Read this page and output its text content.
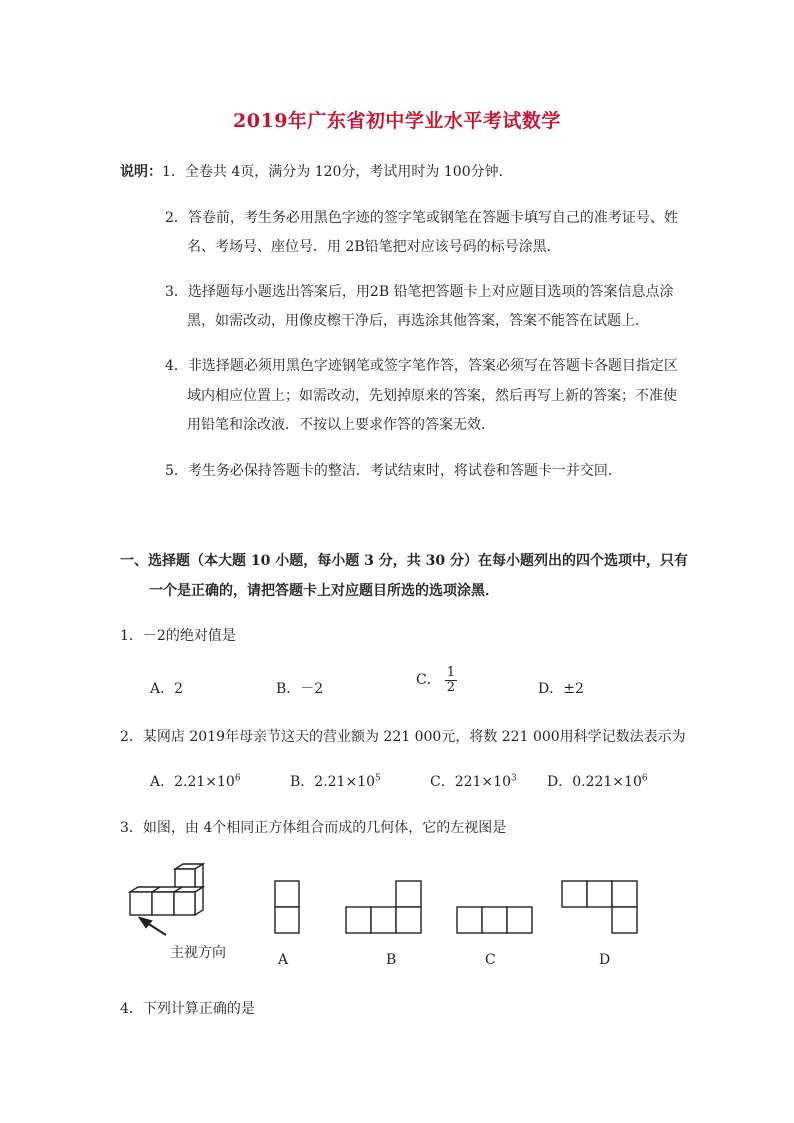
2019年广东省初中学业水平考试数学
说明：1．全卷共 4页，满分为 120分，考试用时为 100分钟．
2．答卷前，考生务必用黑色字迹的签字笔或钢笔在答题卡填写自己的准考证号、姓
名、考场号、座位号．用 2B铅笔把对应该号码的标号涂黑．
3．选择题每小题选出答案后，用2B 铅笔把答题卡上对应题目选项的答案信息点涂
黑，如需改动，用像皮檫干净后，再选涂其他答案，答案不能答在试题上．
4．非选择题必须用黑色字迹钢笔或签字笔作答，答案必须写在答题卡各题目指定区
域内相应位置上；如需改动，先划掉原来的答案，然后再写上新的答案；不准使
用铅笔和涂改液．不按以上要求作答的答案无效．
5．考生务必保持答题卡的整洁．考试结束时，将试卷和答题卡一并交回．
一、选择题（本大题 10 小题，每小题 3 分，共 30 分）在每小题列出的四个选项中，只有
一个是正确的，请把答题卡上对应题目所选的选项涂黑．
1．－2的绝对值是
A．2	B．－2
C． $\frac{1}{2}$	D．±2
2．某网店 2019年母亲节这天的营业额为 221 000元，将数 221 000用科学记数法表示为
A．$2.21\times 10^6$	B．$2.21\times 10^5$	C．$221\times 10^3$ D．$0.221\times 10^6$
3．如图，由 4个相同正方体组合而成的几何体，它的左视图是
主视方向	A	B	C	D
4．下列计算正确的是
